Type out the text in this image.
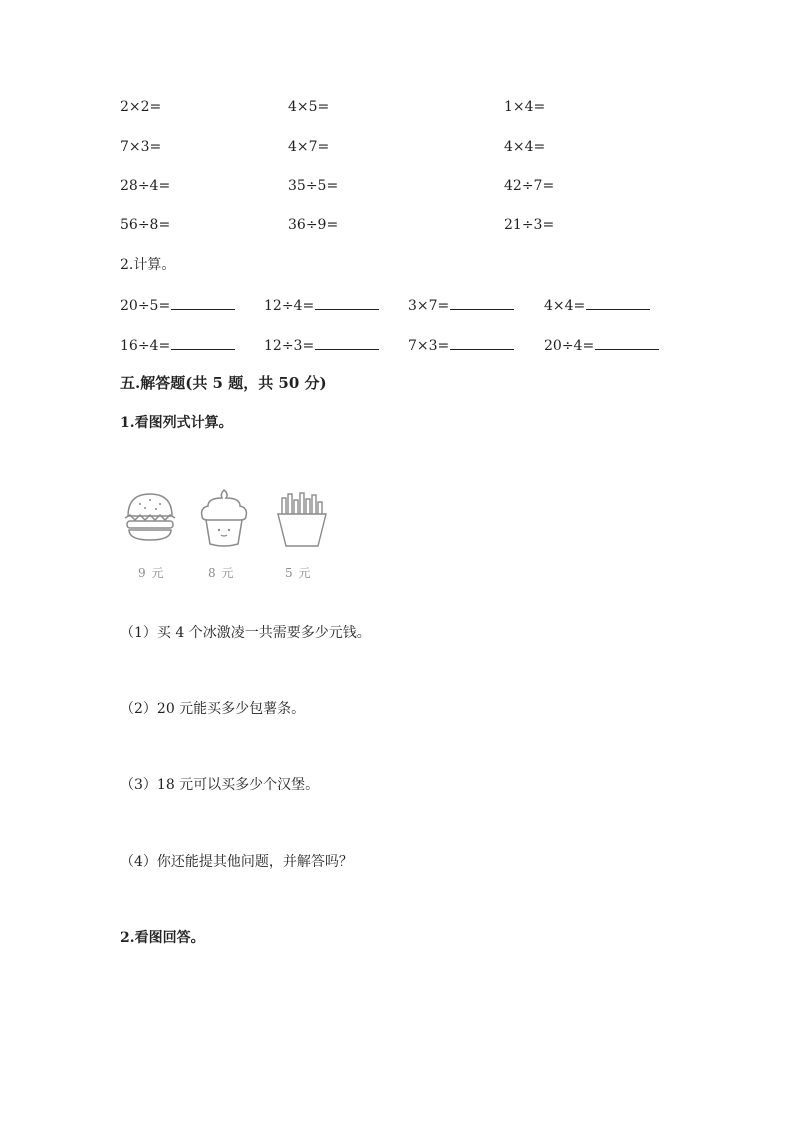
2×2=	4×5=	1×4=
7×3=	4×7=	4×4=
28÷4=	35÷5=	42÷7=
56÷8=	36÷9=	21÷3=
2.计算。
20÷5=	12÷4=	3×7=	4×4=
16÷4=	12÷3=	7×3=	20÷4=
五.解答题(共 5 题，共 50 分)
1.看图列式计算。
9 元	8 元	5 元
（1）买 4 个冰激凌一共需要多少元钱。
（2）20 元能买多少包薯条。
（3）18 元可以买多少个汉堡。
（4）你还能提其他问题，并解答吗？
2.看图回答。
